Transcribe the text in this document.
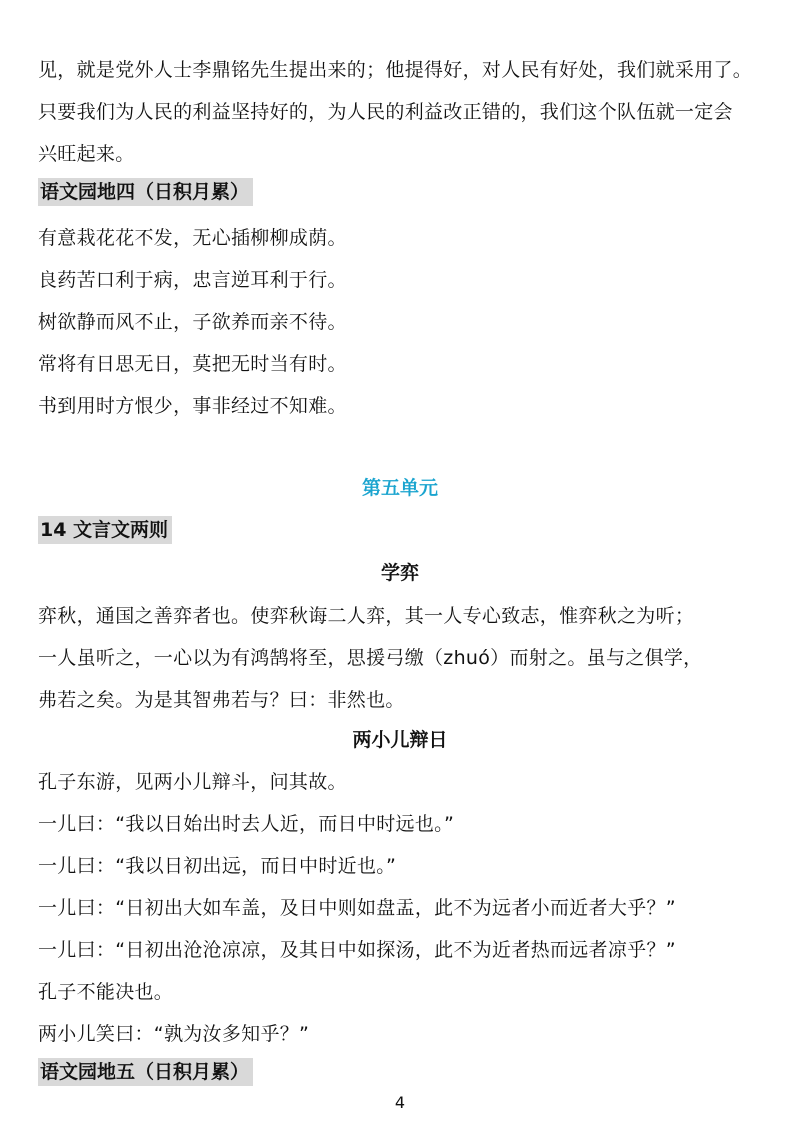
见，就是党外人士李鼎铭先生提出来的；他提得好，对人民有好处，我们就采用了。
只要我们为人民的利益坚持好的，为人民的利益改正错的，我们这个队伍就一定会
兴旺起来。
语文园地四（日积月累）
有意栽花花不发，无心插柳柳成荫。
良药苦口利于病，忠言逆耳利于行。
树欲静而风不止，子欲养而亲不待。
常将有日思无日，莫把无时当有时。
书到用时方恨少，事非经过不知难。
第五单元
14 文言文两则
学弈
弈秋，通国之善弈者也。使弈秋诲二人弈，其一人专心致志，惟弈秋之为听；
一人虽听之，一心以为有鸿鹄将至，思援弓缴（zhuó）而射之。虽与之俱学，
弗若之矣。为是其智弗若与？曰：非然也。
两小儿辩日
孔子东游，见两小儿辩斗，问其故。
一儿曰：“我以日始出时去人近，而日中时远也。”
一儿曰：“我以日初出远，而日中时近也。”
一儿曰：“日初出大如车盖，及日中则如盘盂，此不为远者小而近者大乎？”
一儿曰：“日初出沧沧凉凉，及其日中如探汤，此不为近者热而远者凉乎？”
孔子不能决也。
两小儿笑曰：“孰为汝多知乎？”
语文园地五（日积月累）
4
